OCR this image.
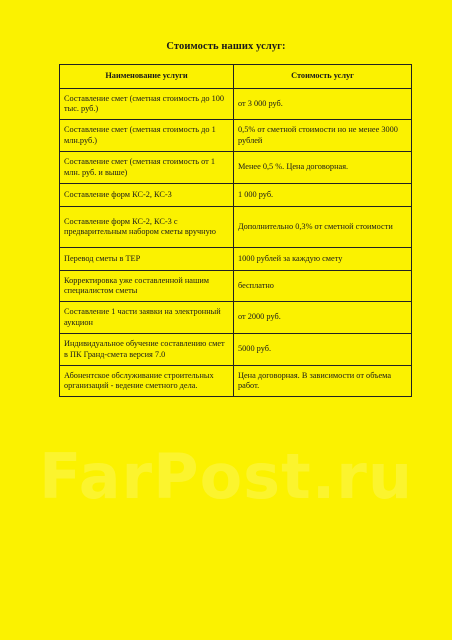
Стоимость наших услуг:
Наименование услуги	Стоимость услуг
Составление смет (сметная стоимость до 100 тыс. руб.)	от 3 000 руб.
Составление смет (сметная стоимость до 1 млн.руб.)	0,5% от сметной стоимости но не менее 3000 рублей
Составление смет (сметная стоимость от 1 млн. руб. и выше)	Менее 0,5 %. Цена договорная.
Составление форм КС-2, КС-3	1 000 руб.
Составление форм КС-2, КС-3 с предварительным набором сметы вручную	Дополнительно 0,3% от сметной стоимости
Перевод сметы в ТЕР	1000 рублей за каждую смету
Корректировка уже составленной нашим специалистом сметы	бесплатно
Составление 1 части заявки на электронный аукцион	от 2000 руб.
Индивидуальное обучение составлению смет в ПК Гранд-смета версия 7.0	5000 руб.
Абонентское обслуживание строительных организаций - ведение сметного дела.	Цена договорная. В зависимости от объема работ.
FarPost.ru
